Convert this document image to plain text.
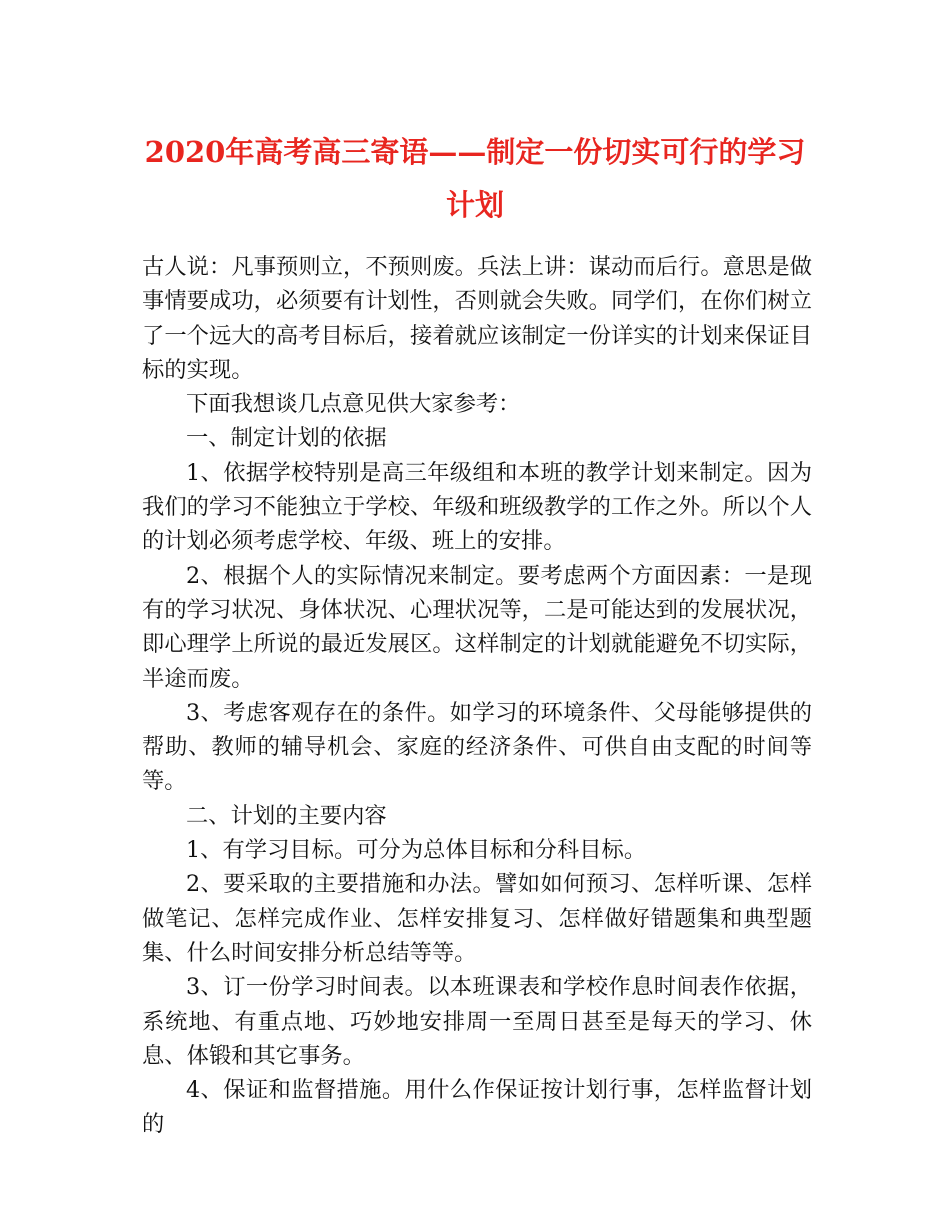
2020年高考高三寄语——制定一份切实可行的学习计划

古人说：凡事预则立，不预则废。兵法上讲：谋动而后行。意思是做事情要成功，必须要有计划性，否则就会失败。同学们，在你们树立了一个远大的高考目标后，接着就应该制定一份详实的计划来保证目标的实现。

下面我想谈几点意见供大家参考：

一、制定计划的依据

1、依据学校特别是高三年级组和本班的教学计划来制定。因为我们的学习不能独立于学校、年级和班级教学的工作之外。所以个人的计划必须考虑学校、年级、班上的安排。

2、根据个人的实际情况来制定。要考虑两个方面因素：一是现有的学习状况、身体状况、心理状况等，二是可能达到的发展状况，即心理学上所说的最近发展区。这样制定的计划就能避免不切实际，半途而废。

3、考虑客观存在的条件。如学习的环境条件、父母能够提供的帮助、教师的辅导机会、家庭的经济条件、可供自由支配的时间等等。

二、计划的主要内容

1、有学习目标。可分为总体目标和分科目标。

2、要采取的主要措施和办法。譬如如何预习、怎样听课、怎样做笔记、怎样完成作业、怎样安排复习、怎样做好错题集和典型题集、什么时间安排分析总结等等。

3、订一份学习时间表。以本班课表和学校作息时间表作依据，系统地、有重点地、巧妙地安排周一至周日甚至是每天的学习、休息、体锻和其它事务。

4、保证和监督措施。用什么作保证按计划行事，怎样监督计划的
